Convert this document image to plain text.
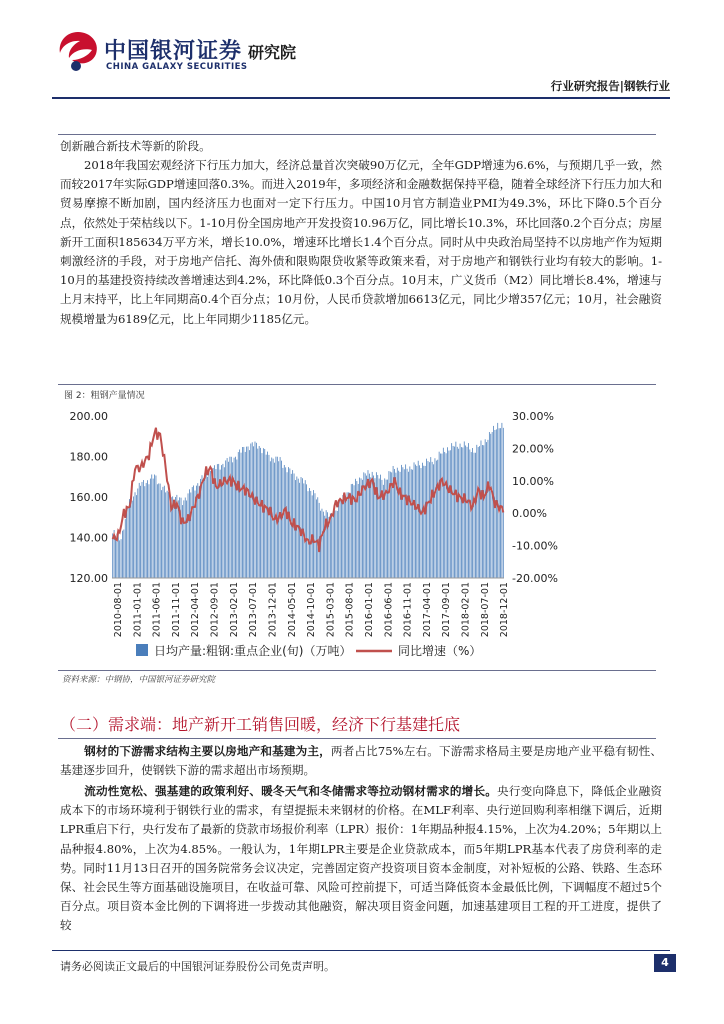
中国银河证券
CHINA GALAXY SECURITIES
研究院
行业研究报告|钢铁行业
创新融合新技术等新的阶段。
2018年我国宏观经济下行压力加大，经济总量首次突破90万亿元，全年GDP增速为6.6%，与预期几乎一致，然而较2017年实际GDP增速回落0.3%。而进入2019年，多项经济和金融数据保持平稳，随着全球经济下行压力加大和贸易摩擦不断加剧，国内经济压力也面对一定下行压力。中国10月官方制造业PMI为49.3%，环比下降0.5个百分点，依然处于荣枯线以下。1-10月份全国房地产开发投资10.96万亿，同比增长10.3%，环比回落0.2个百分点；房屋新开工面积185634万平方米，增长10.0%，增速环比增长1.4个百分点。同时从中央政治局坚持不以房地产作为短期刺激经济的手段，对于房地产信托、海外债和限购限贷收紧等政策来看，对于房地产和钢铁行业均有较大的影响。1-10月的基建投资持续改善增速达到4.2%，环比降低0.3个百分点。10月末，广义货币（M2）同比增长8.4%，增速与上月末持平，比上年同期高0.4个百分点；10月份，人民币贷款增加6613亿元，同比少增357亿元；10月，社会融资规模增量为6189亿元，比上年同期少1185亿元。
图 2：粗钢产量情况
200.00
180.00
160.00
140.00
120.00
30.00%
20.00%
10.00%
0.00%
-10.00%
-20.00%
2010-08-01 2011-01-01 2011-06-01 2011-11-01 2012-04-01 2012-09-01 2013-02-01 2013-07-01 2013-12-01 2014-05-01 2014-10-01 2015-03-01 2015-08-01 2016-01-01 2016-06-01 2016-11-01 2017-04-01 2017-09-01 2018-02-01 2018-07-01 2018-12-01
日均产量:粗钢:重点企业(旬)（万吨）	同比增速（%）
资料来源：中钢协，中国银河证券研究院
（二）需求端：地产新开工销售回暖，经济下行基建托底
钢材的下游需求结构主要以房地产和基建为主，两者占比75%左右。下游需求格局主要是房地产业平稳有韧性、基建逐步回升，使钢铁下游的需求超出市场预期。
流动性宽松、强基建的政策利好、暖冬天气和冬储需求等拉动钢材需求的增长。央行变向降息下，降低企业融资成本下的市场环境利于钢铁行业的需求，有望提振未来钢材的价格。在MLF利率、央行逆回购利率相继下调后，近期LPR重启下行，央行发布了最新的贷款市场报价利率（LPR）报价：1年期品种报4.15%，上次为4.20%；5年期以上品种报4.80%，上次为4.85%。一般认为，1年期LPR主要是企业贷款成本，而5年期LPR基本代表了房贷利率的走势。同时11月13日召开的国务院常务会议决定，完善固定资产投资项目资本金制度，对补短板的公路、铁路、生态环保、社会民生等方面基础设施项目，在收益可靠、风险可控前提下，可适当降低资本金最低比例，下调幅度不超过5个百分点。项目资本金比例的下调将进一步拨动其他融资，解决项目资金问题，加速基建项目工程的开工进度，提供了较
请务必阅读正文最后的中国银河证券股份公司免责声明。	4
